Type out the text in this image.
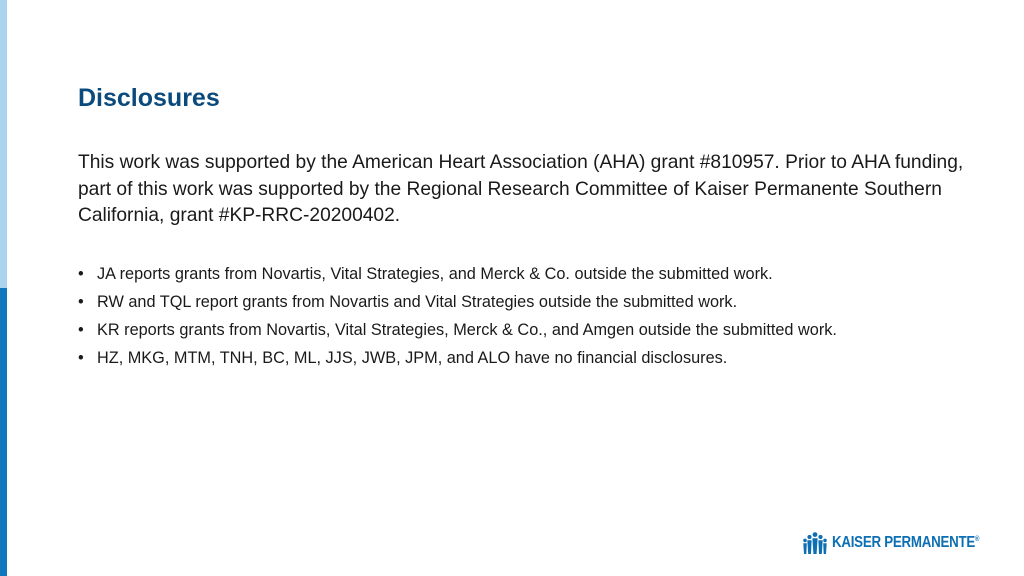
Disclosures

This work was supported by the American Heart Association (AHA) grant #810957. Prior to AHA funding, part of this work was supported by the Regional Research Committee of Kaiser Permanente Southern California, grant #KP-RRC-20200402.

• JA reports grants from Novartis, Vital Strategies, and Merck & Co. outside the submitted work.
• RW and TQL report grants from Novartis and Vital Strategies outside the submitted work.
• KR reports grants from Novartis, Vital Strategies, Merck & Co., and Amgen outside the submitted work.
• HZ, MKG, MTM, TNH, BC, ML, JJS, JWB, JPM, and ALO have no financial disclosures.
KAISER PERMANENTE®
